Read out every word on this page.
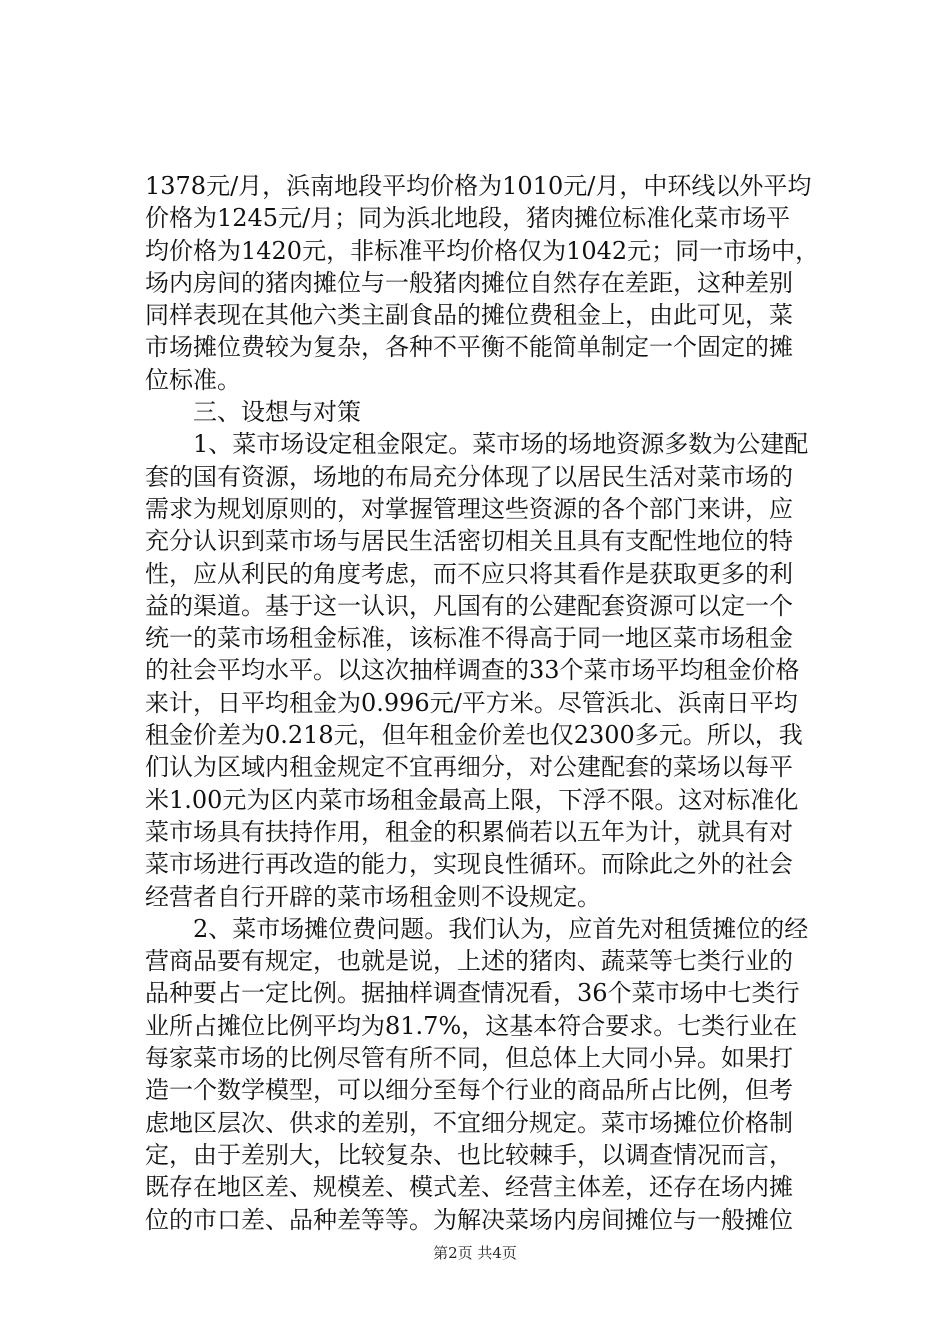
1378元/月，浜南地段平均价格为1010元/月，中环线以外平均
价格为1245元/月；同为浜北地段，猪肉摊位标准化菜市场平
均价格为1420元，非标准平均价格仅为1042元；同一市场中，
场内房间的猪肉摊位与一般猪肉摊位自然存在差距，这种差别
同样表现在其他六类主副食品的摊位费租金上，由此可见，菜
市场摊位费较为复杂，各种不平衡不能简单制定一个固定的摊
位标准。
　　三、设想与对策
　　1、菜市场设定租金限定。菜市场的场地资源多数为公建配
套的国有资源，场地的布局充分体现了以居民生活对菜市场的
需求为规划原则的，对掌握管理这些资源的各个部门来讲，应
充分认识到菜市场与居民生活密切相关且具有支配性地位的特
性，应从利民的角度考虑，而不应只将其看作是获取更多的利
益的渠道。基于这一认识，凡国有的公建配套资源可以定一个
统一的菜市场租金标准，该标准不得高于同一地区菜市场租金
的社会平均水平。以这次抽样调查的33个菜市场平均租金价格
来计，日平均租金为0.996元/平方米。尽管浜北、浜南日平均
租金价差为0.218元，但年租金价差也仅2300多元。所以，我
们认为区域内租金规定不宜再细分，对公建配套的菜场以每平
米1.00元为区内菜市场租金最高上限，下浮不限。这对标准化
菜市场具有扶持作用，租金的积累倘若以五年为计，就具有对
菜市场进行再改造的能力，实现良性循环。而除此之外的社会
经营者自行开辟的菜市场租金则不设规定。
　　2、菜市场摊位费问题。我们认为，应首先对租赁摊位的经
营商品要有规定，也就是说，上述的猪肉、蔬菜等七类行业的
品种要占一定比例。据抽样调查情况看，36个菜市场中七类行
业所占摊位比例平均为81.7%，这基本符合要求。七类行业在
每家菜市场的比例尽管有所不同，但总体上大同小异。如果打
造一个数学模型，可以细分至每个行业的商品所占比例，但考
虑地区层次、供求的差别，不宜细分规定。菜市场摊位价格制
定，由于差别大，比较复杂、也比较棘手，以调查情况而言，
既存在地区差、规模差、模式差、经营主体差，还存在场内摊
位的市口差、品种差等等。为解决菜场内房间摊位与一般摊位
第2页 共4页
